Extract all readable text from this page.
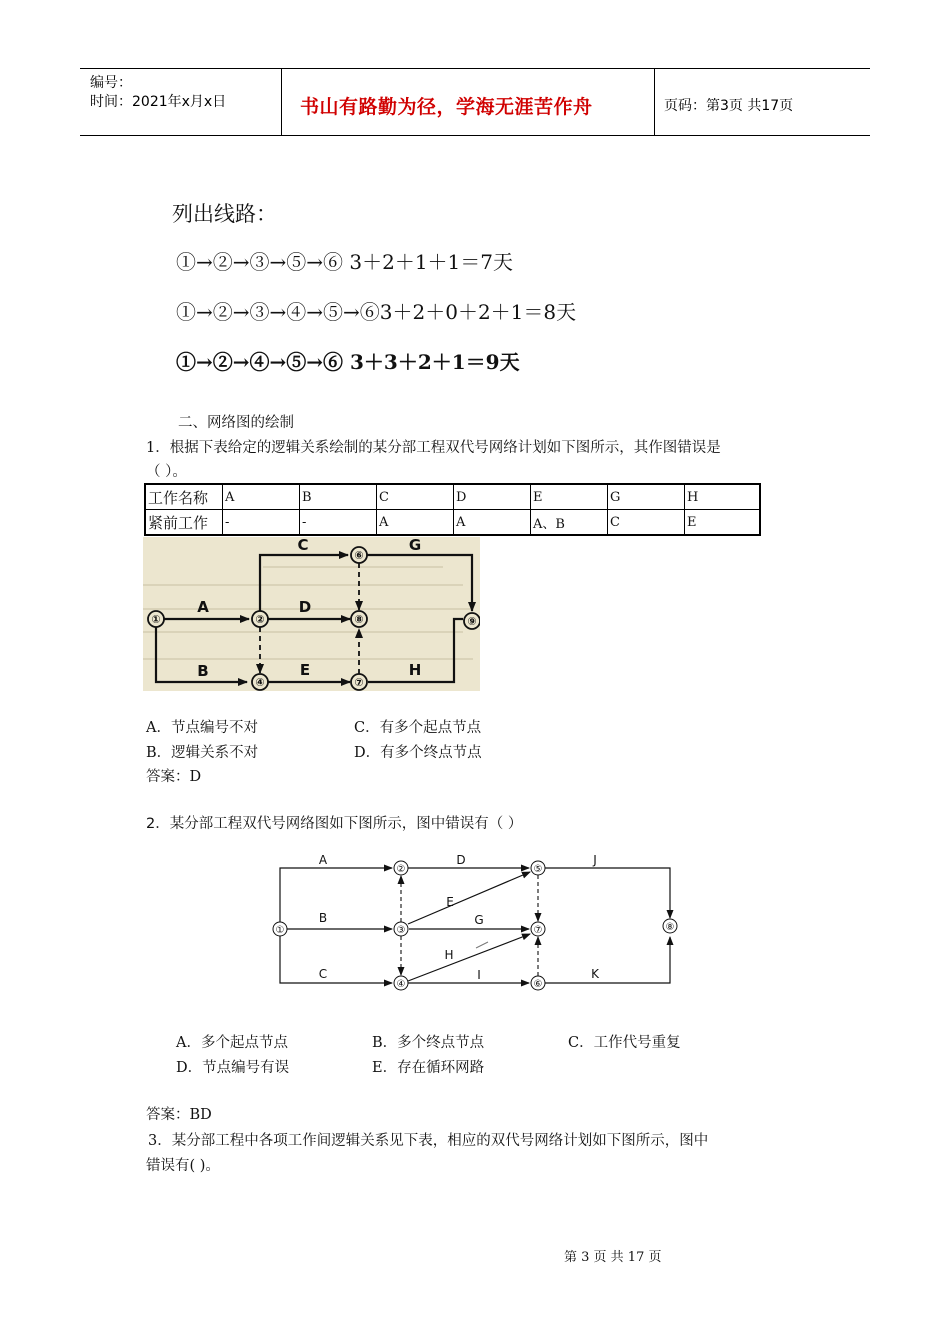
编号：
时间：2021年x月x日	书山有路勤为径，学海无涯苦作舟	页码：第3页 共17页
列出线路：
①→②→③→⑤→⑥ 3＋2＋1＋1＝7天
①→②→③→④→⑤→⑥3＋2＋0＋2＋1＝8天
①→②→④→⑤→⑥ 3＋3＋2＋1＝9天
二、网络图的绘制
1．根据下表给定的逻辑关系绘制的某分部工程双代号网络计划如下图所示，其作图错误是
（ ）。
工作名称	A	B	C	D	E	G	H
紧前工作	-	-	A	A	A、B	C	E
①	②
④
⑥
⑦
⑧	⑨
A
B
C
D
E
G
H
A．节点编号不对	C．有多个起点节点
B．逻辑关系不对	D．有多个终点节点
答案：D
2．某分部工程双代号网络图如下图所示，图中错误有（ ）
①
②
③
④
⑤
⑥
⑦	⑧
A
B
C
D
E
G
H
I
J
K
A．多个起点节点	B．多个终点节点	C．工作代号重复
D．节点编号有误	E．存在循环网路
答案：BD
3．某分部工程中各项工作间逻辑关系见下表，相应的双代号网络计划如下图所示，图中
错误有( )。
第 3 页 共 17 页
